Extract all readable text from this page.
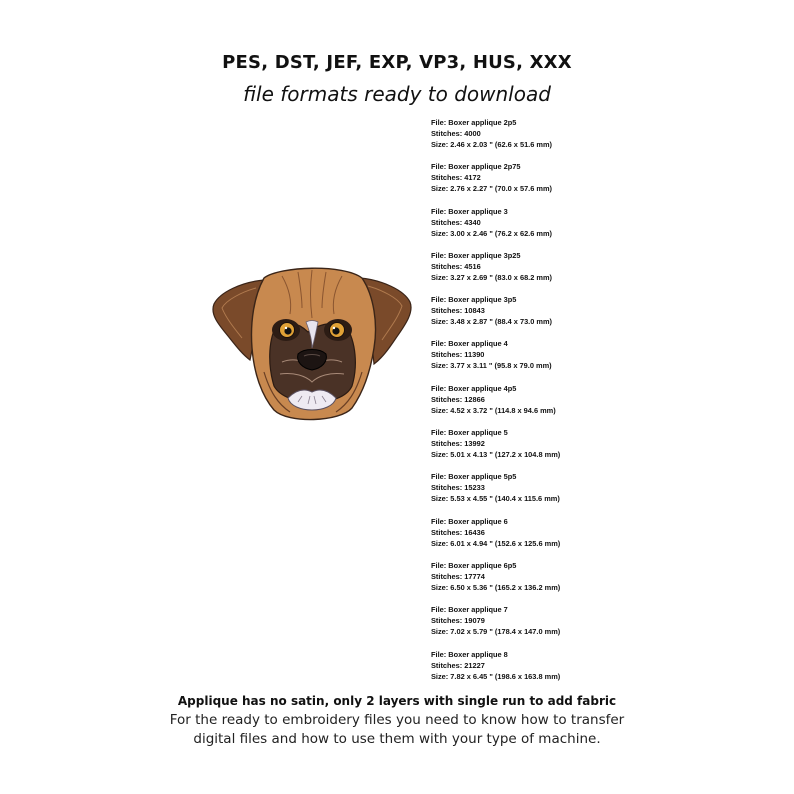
PES, DST, JEF, EXP, VP3, HUS, XXX
file formats ready to download
File: Boxer applique 2p5
Stitches: 4000
Size: 2.46 x 2.03 " (62.6 x 51.6 mm)
File: Boxer applique 2p75
Stitches: 4172
Size: 2.76 x 2.27 " (70.0 x 57.6 mm)
File: Boxer applique 3
Stitches: 4340
Size: 3.00 x 2.46 " (76.2 x 62.6 mm)
File: Boxer applique 3p25
Stitches: 4516
Size: 3.27 x 2.69 " (83.0 x 68.2 mm)
File: Boxer applique 3p5
Stitches: 10843
Size: 3.48 x 2.87 " (88.4 x 73.0 mm)
File: Boxer applique 4
Stitches: 11390
Size: 3.77 x 3.11 " (95.8 x 79.0 mm)
File: Boxer applique 4p5
Stitches: 12866
Size: 4.52 x 3.72 " (114.8 x 94.6 mm)
File: Boxer applique 5
Stitches: 13992
Size: 5.01 x 4.13 " (127.2 x 104.8 mm)
File: Boxer applique 5p5
Stitches: 15233
Size: 5.53 x 4.55 " (140.4 x 115.6 mm)
File: Boxer applique 6
Stitches: 16436
Size: 6.01 x 4.94 " (152.6 x 125.6 mm)
File: Boxer applique 6p5
Stitches: 17774
Size: 6.50 x 5.36 " (165.2 x 136.2 mm)
File: Boxer applique 7
Stitches: 19079
Size: 7.02 x 5.79 " (178.4 x 147.0 mm)
File: Boxer applique 8
Stitches: 21227
Size: 7.82 x 6.45 " (198.6 x 163.8 mm)
Applique has no satin, only 2 layers with single run to add fabric
For the ready to embroidery files you need to know how to transfer
digital files and how to use them with your type of machine.
